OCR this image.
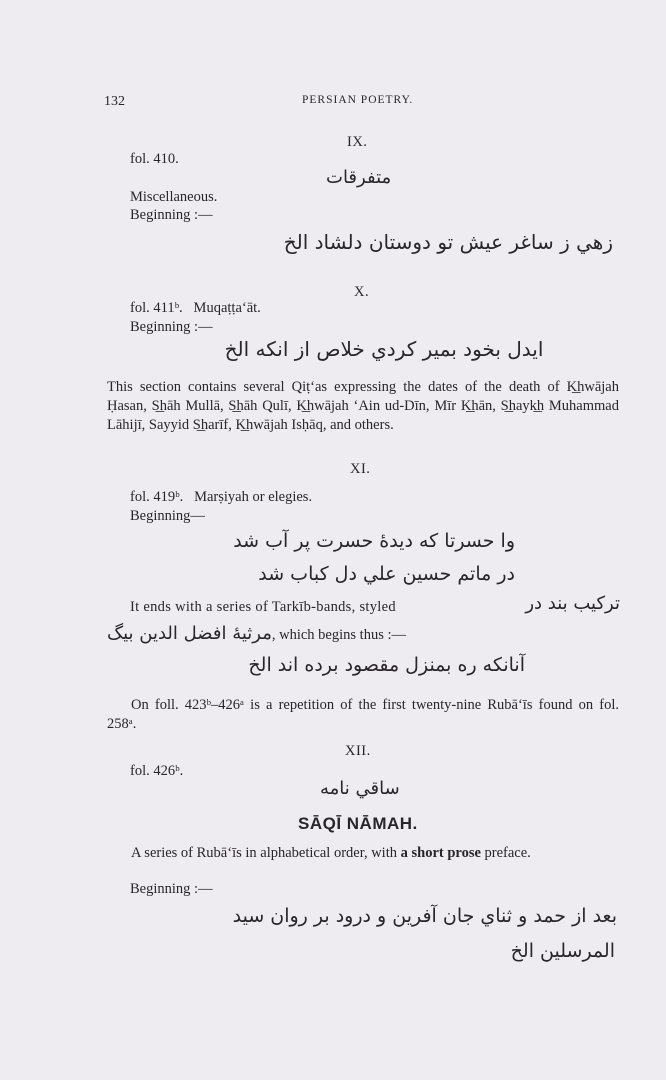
132	PERSIAN POETRY.
IX.
fol. 410.
متفرقات
Miscellaneous.
Beginning :—
زهي ز ساغر عيش تو دوستان دلشاد الخ
X.
fol. 411ᵇ.   Muqaṭṭa‘āt.
Beginning :—
ايدل بخود بمير كردي خلاص از انكه الخ
This section contains several Qiṭ‘as expressing the dates of the death of K͟hwājah Ḥasan, S͟hāh Mullā, S͟hāh Qulī, K͟hwājah ‘Ain ud-Dīn, Mīr K͟hān, S͟hayk͟h Muhammad Lāhijī, Sayyid S͟harīf, K͟hwājah Isḥāq, and others.
XI.
fol. 419ᵇ.   Marṣiyah or elegies.
Beginning—
وا حسرتا كه ديدهٔ حسرت پر آب شد
در ماتم حسين علي دل كباب شد
It ends with a series of Tarkīb-bands, styled	تركيب بند در
مرثيهٔ افضل الدين بيگ, which begins thus :—
آنانكه ره بمنزل مقصود برده اند الخ
On foll. 423ᵇ–426ᵃ is a repetition of the first twenty-nine Rubā‘īs found on fol. 258ᵃ.
XII.
fol. 426ᵇ.
ساقي نامه
SĀQĪ NĀMAH.
A series of Rubā‘īs in alphabetical order, with a short prose preface.
Beginning :—
بعد از حمد و ثناي جان آفرين و درود بر روان سيد
المرسلين الخ
